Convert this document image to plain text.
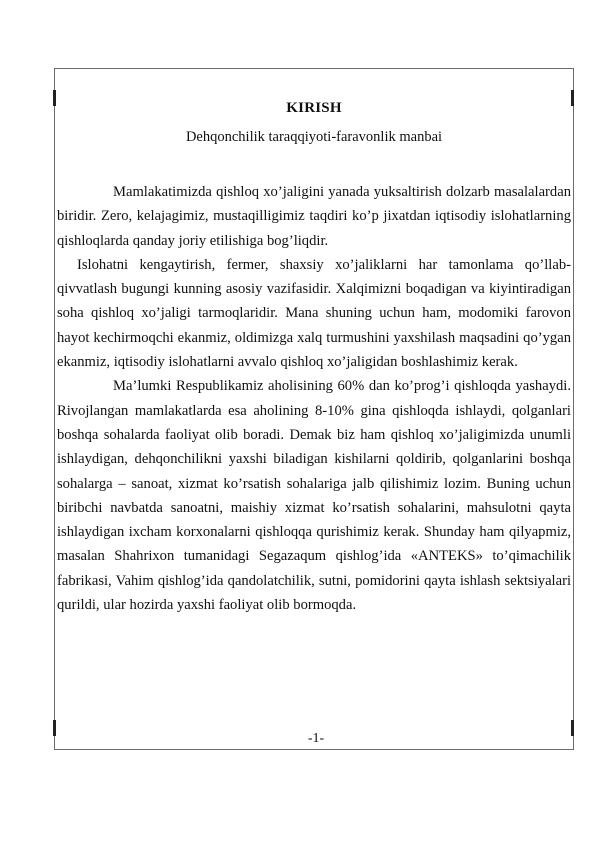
KIRISH
Dehqonchilik taraqqiyoti-faravonlik manbai

Mamlakatimizda qishloq xo’jaligini yanada yuksaltirish dolzarb masalalardan biridir. Zero, kelajagimiz, mustaqilligimiz taqdiri ko’p jixatdan iqtisodiy islohatlarning qishloqlarda qanday joriy etilishiga bog’liqdir.

Islohatni kengaytirish, fermer, shaxsiy xo’jaliklarni har tamonlama qo’llab-qivvatlash bugungi kunning asosiy vazifasidir. Xalqimizni boqadigan va kiyintiradigan soha qishloq xo’jaligi tarmoqlaridir. Mana shuning uchun ham, modomiki farovon hayot kechirmoqchi ekanmiz, oldimizga xalq turmushini yaxshilash maqsadini qo’ygan ekanmiz, iqtisodiy islohatlarni avvalo qishloq xo’jaligidan boshlashimiz kerak.

Ma’lumki Respublikamiz aholisining 60% dan ko’prog’i qishloqda yashaydi. Rivojlangan mamlakatlarda esa aholining 8-10% gina qishloqda ishlaydi, qolganlari boshqa sohalarda faoliyat olib boradi. Demak biz ham qishloq xo’jaligimizda unumli ishlaydigan, dehqonchilikni yaxshi biladigan kishilarni qoldirib, qolganlarini boshqa sohalarga – sanoat, xizmat ko’rsatish sohalariga jalb qilishimiz lozim. Buning uchun biribchi navbatda sanoatni, maishiy xizmat ko’rsatish sohalarini, mahsulotni qayta ishlaydigan ixcham korxonalarni qishloqqa qurishimiz kerak. Shunday ham qilyapmiz, masalan Shahrixon tumanidagi Segazaqum qishlog’ida «ANTEKS» to’qimachilik fabrikasi, Vahim qishlog’ida qandolatchilik, sutni, pomidorini qayta ishlash sektsiyalari qurildi, ular hozirda yaxshi faoliyat olib bormoqda.

-1-
